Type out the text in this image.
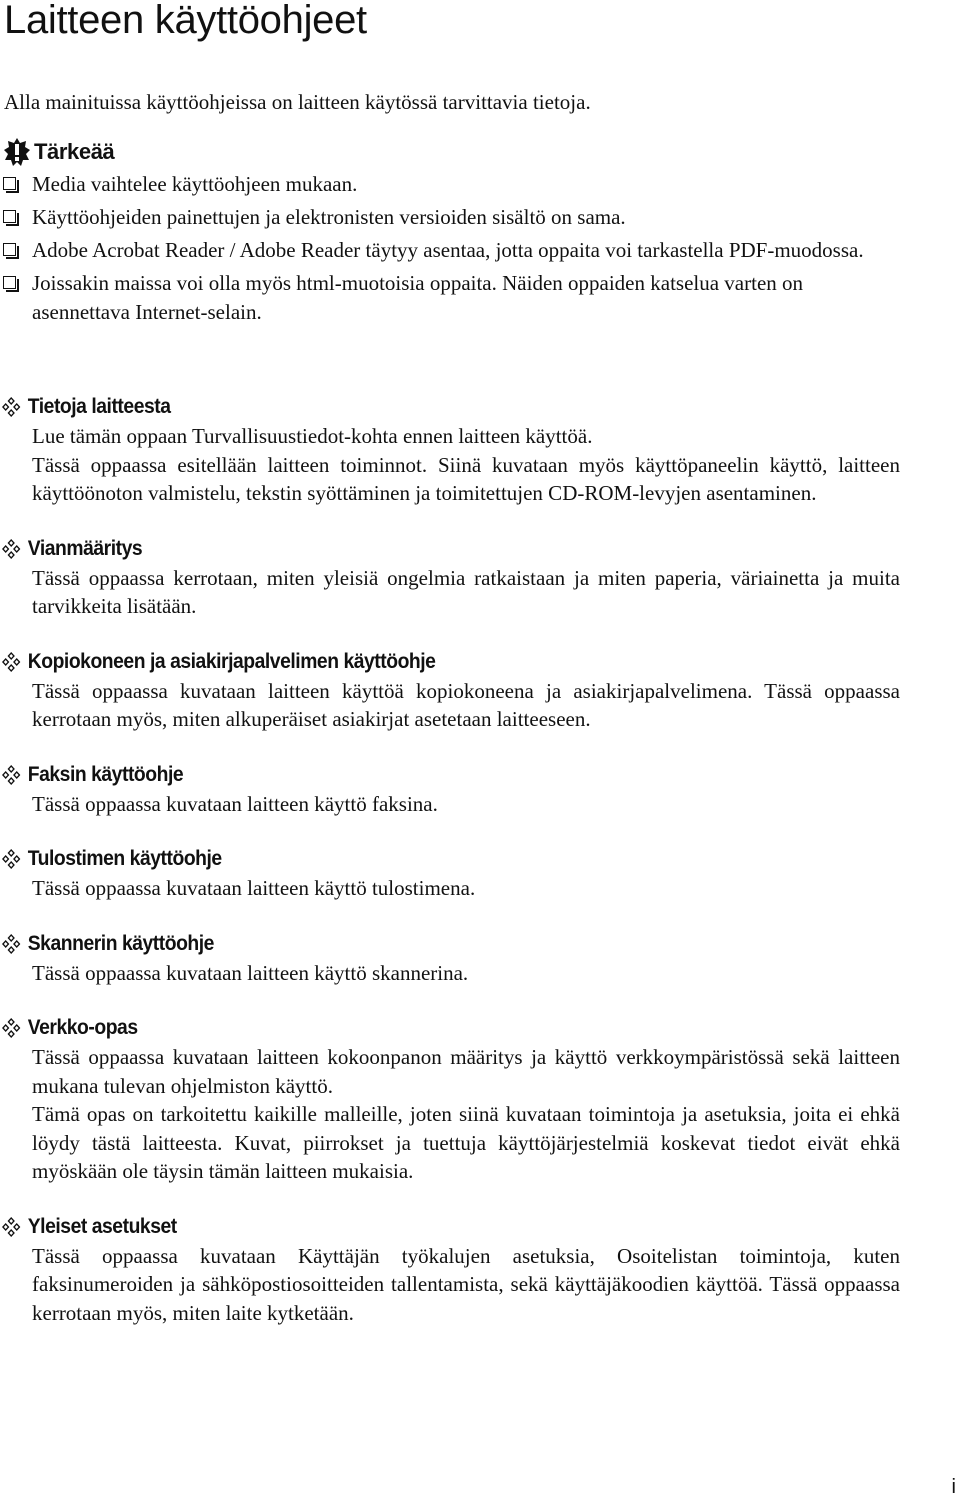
Laitteen käyttöohjeet

Alla mainituissa käyttöohjeissa on laitteen käytössä tarvittavia tietoja.

Tärkeää
Media vaihtelee käyttöohjeen mukaan.
Käyttöohjeiden painettujen ja elektronisten versioiden sisältö on sama.
Adobe Acrobat Reader / Adobe Reader täytyy asentaa, jotta oppaita voi tarkastella PDF-muodossa.
Joissakin maissa voi olla myös html-muotoisia oppaita. Näiden oppaiden katselua varten on asennettava Internet-selain.
Tietoja laitteesta

Lue tämän oppaan Turvallisuustiedot-kohta ennen laitteen käyttöä.

Tässä oppaassa esitellään laitteen toiminnot. Siinä kuvataan myös käyttöpaneelin käyttö, laitteen käyttöönoton valmistelu, tekstin syöttäminen ja toimitettujen CD-ROM-levyjen asentaminen.

Vianmääritys

Tässä oppaassa kerrotaan, miten yleisiä ongelmia ratkaistaan ja miten paperia, väriainetta ja muita tarvikkeita lisätään.

Kopiokoneen ja asiakirjapalvelimen käyttöohje

Tässä oppaassa kuvataan laitteen käyttöä kopiokoneena ja asiakirjapalvelimena. Tässä oppaassa kerrotaan myös, miten alkuperäiset asiakirjat asetetaan laitteeseen.

Faksin käyttöohje

Tässä oppaassa kuvataan laitteen käyttö faksina.

Tulostimen käyttöohje

Tässä oppaassa kuvataan laitteen käyttö tulostimena.

Skannerin käyttöohje

Tässä oppaassa kuvataan laitteen käyttö skannerina.

Verkko-opas

Tässä oppaassa kuvataan laitteen kokoonpanon määritys ja käyttö verkkoympäristössä sekä laitteen mukana tulevan ohjelmiston käyttö.

Tämä opas on tarkoitettu kaikille malleille, joten siinä kuvataan toimintoja ja asetuksia, joita ei ehkä löydy tästä laitteesta. Kuvat, piirrokset ja tuettuja käyttöjärjestelmiä koskevat tiedot eivät ehkä myöskään ole täysin tämän laitteen mukaisia.

Yleiset asetukset

Tässä oppaassa kuvataan Käyttäjän työkalujen asetuksia, Osoitelistan toimintoja, kuten faksinumeroiden ja sähköpostiosoitteiden tallentamista, sekä käyttäjäkoodien käyttöä. Tässä oppaassa kerrotaan myös, miten laite kytketään.

i
